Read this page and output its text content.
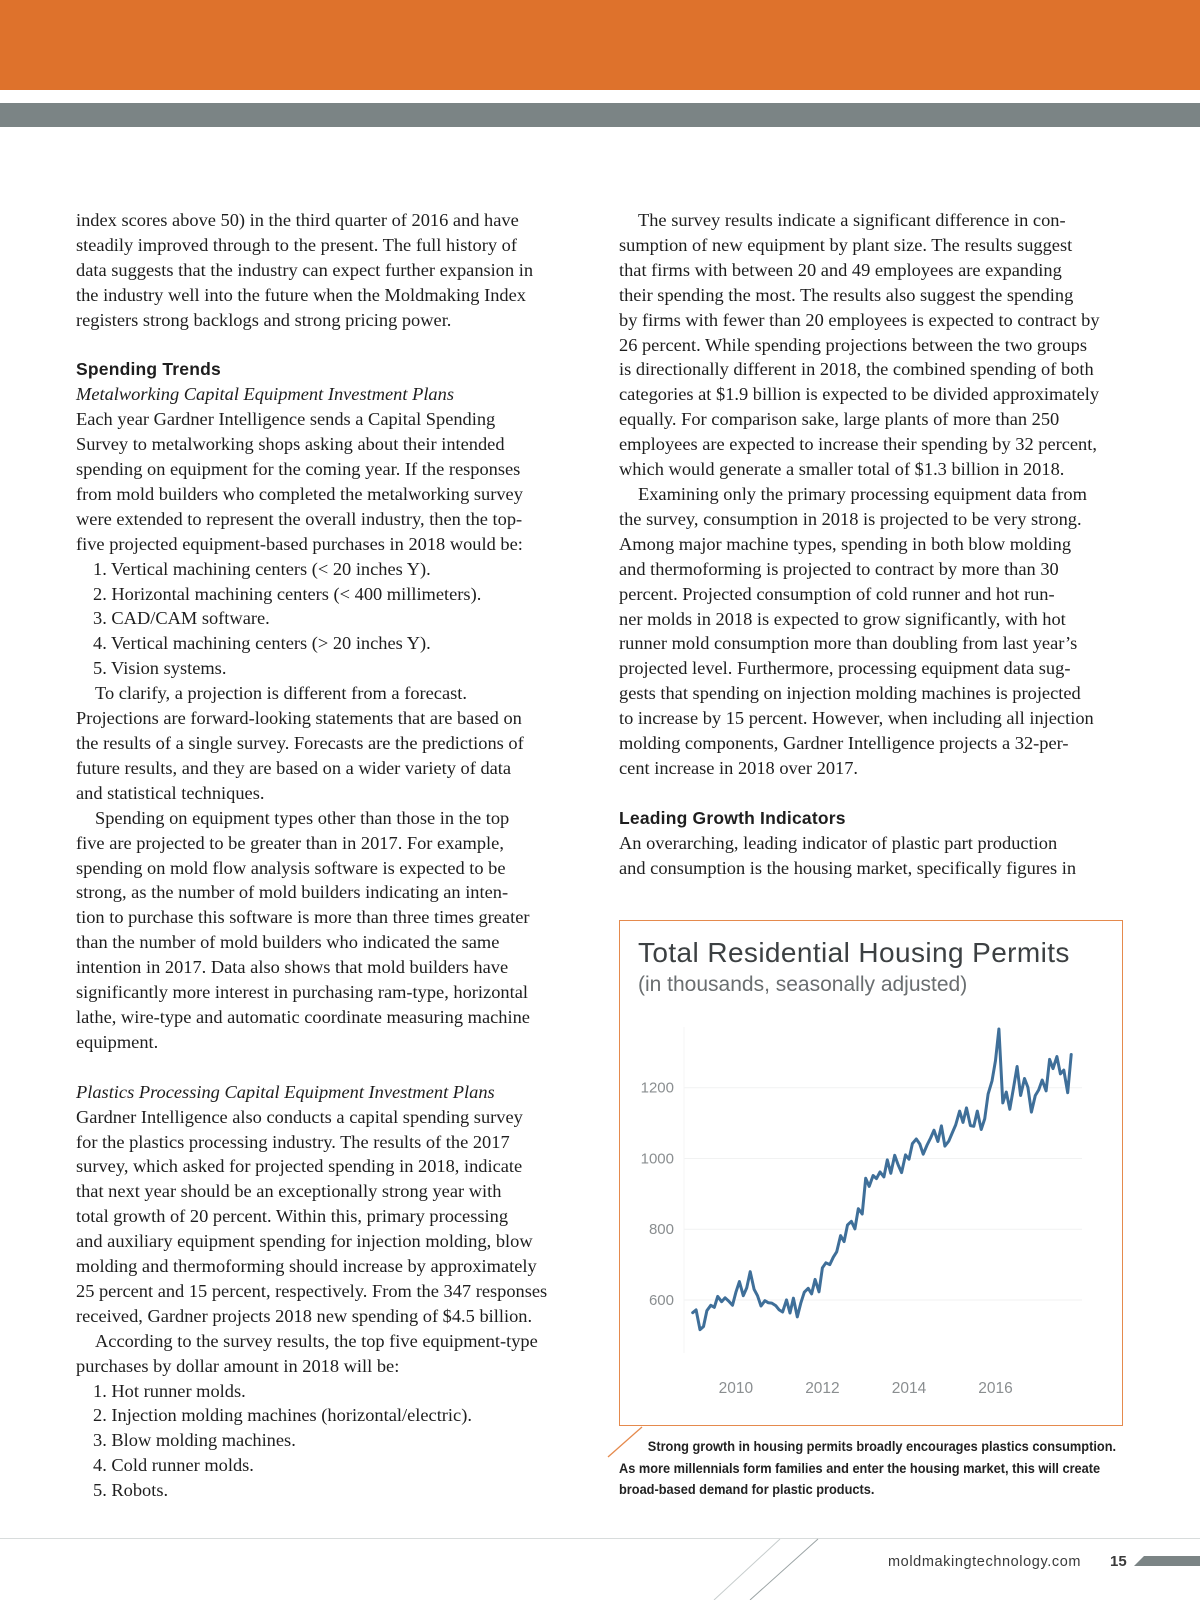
index scores above 50) in the third quarter of 2016 and have

steadily improved through to the present. The full history of

data suggests that the industry can expect further expansion in

the industry well into the future when the Moldmaking Index

registers strong backlogs and strong pricing power.

Spending Trends

Metalworking Capital Equipment Investment Plans

Each year Gardner Intelligence sends a Capital Spending

Survey to metalworking shops asking about their intended

spending on equipment for the coming year. If the responses

from mold builders who completed the metalworking survey

were extended to represent the overall industry, then the top-

five projected equipment-based purchases in 2018 would be:

1. Vertical machining centers (< 20 inches Y).
2. Horizontal machining centers (< 400 millimeters).
3. CAD/CAM software.
4. Vertical machining centers (> 20 inches Y).
5. Vision systems.

To clarify, a projection is different from a forecast.

Projections are forward-looking statements that are based on

the results of a single survey. Forecasts are the predictions of

future results, and they are based on a wider variety of data

and statistical techniques.

Spending on equipment types other than those in the top

five are projected to be greater than in 2017. For example,

spending on mold flow analysis software is expected to be

strong, as the number of mold builders indicating an inten-

tion to purchase this software is more than three times greater

than the number of mold builders who indicated the same

intention in 2017. Data also shows that mold builders have

significantly more interest in purchasing ram-type, horizontal

lathe, wire-type and automatic coordinate measuring machine

equipment.

Plastics Processing Capital Equipment Investment Plans

Gardner Intelligence also conducts a capital spending survey

for the plastics processing industry. The results of the 2017

survey, which asked for projected spending in 2018, indicate

that next year should be an exceptionally strong year with

total growth of 20 percent. Within this, primary processing

and auxiliary equipment spending for injection molding, blow

molding and thermoforming should increase by approximately

25 percent and 15 percent, respectively. From the 347 responses

received, Gardner projects 2018 new spending of $4.5 billion.

According to the survey results, the top five equipment-type

purchases by dollar amount in 2018 will be:

1. Hot runner molds.
2. Injection molding machines (horizontal/electric).
3. Blow molding machines.
4. Cold runner molds.
5. Robots.

The survey results indicate a significant difference in con-

sumption of new equipment by plant size. The results suggest

that firms with between 20 and 49 employees are expanding

their spending the most. The results also suggest the spending

by firms with fewer than 20 employees is expected to contract by

26 percent. While spending projections between the two groups

is directionally different in 2018, the combined spending of both

categories at $1.9 billion is expected to be divided approximately

equally. For comparison sake, large plants of more than 250

employees are expected to increase their spending by 32 percent,

which would generate a smaller total of $1.3 billion in 2018.

Examining only the primary processing equipment data from

the survey, consumption in 2018 is projected to be very strong.

Among major machine types, spending in both blow molding

and thermoforming is projected to contract by more than 30

percent. Projected consumption of cold runner and hot run-

ner molds in 2018 is expected to grow significantly, with hot

runner mold consumption more than doubling from last year’s

projected level. Furthermore, processing equipment data sug-

gests that spending on injection molding machines is projected

to increase by 15 percent. However, when including all injection

molding components, Gardner Intelligence projects a 32-per-

cent increase in 2018 over 2017.

Leading Growth Indicators

An overarching, leading indicator of plastic part production

and consumption is the housing market, specifically figures in

Total Residential Housing Permits
(in thousands, seasonally adjusted)
600
800
1000
1200
2010	2012	2014	2016
Strong growth in housing permits broadly encourages plastics consumption.
As more millennials form families and enter the housing market, this will create
broad-based demand for plastic products.
moldmakingtechnology.com 15
